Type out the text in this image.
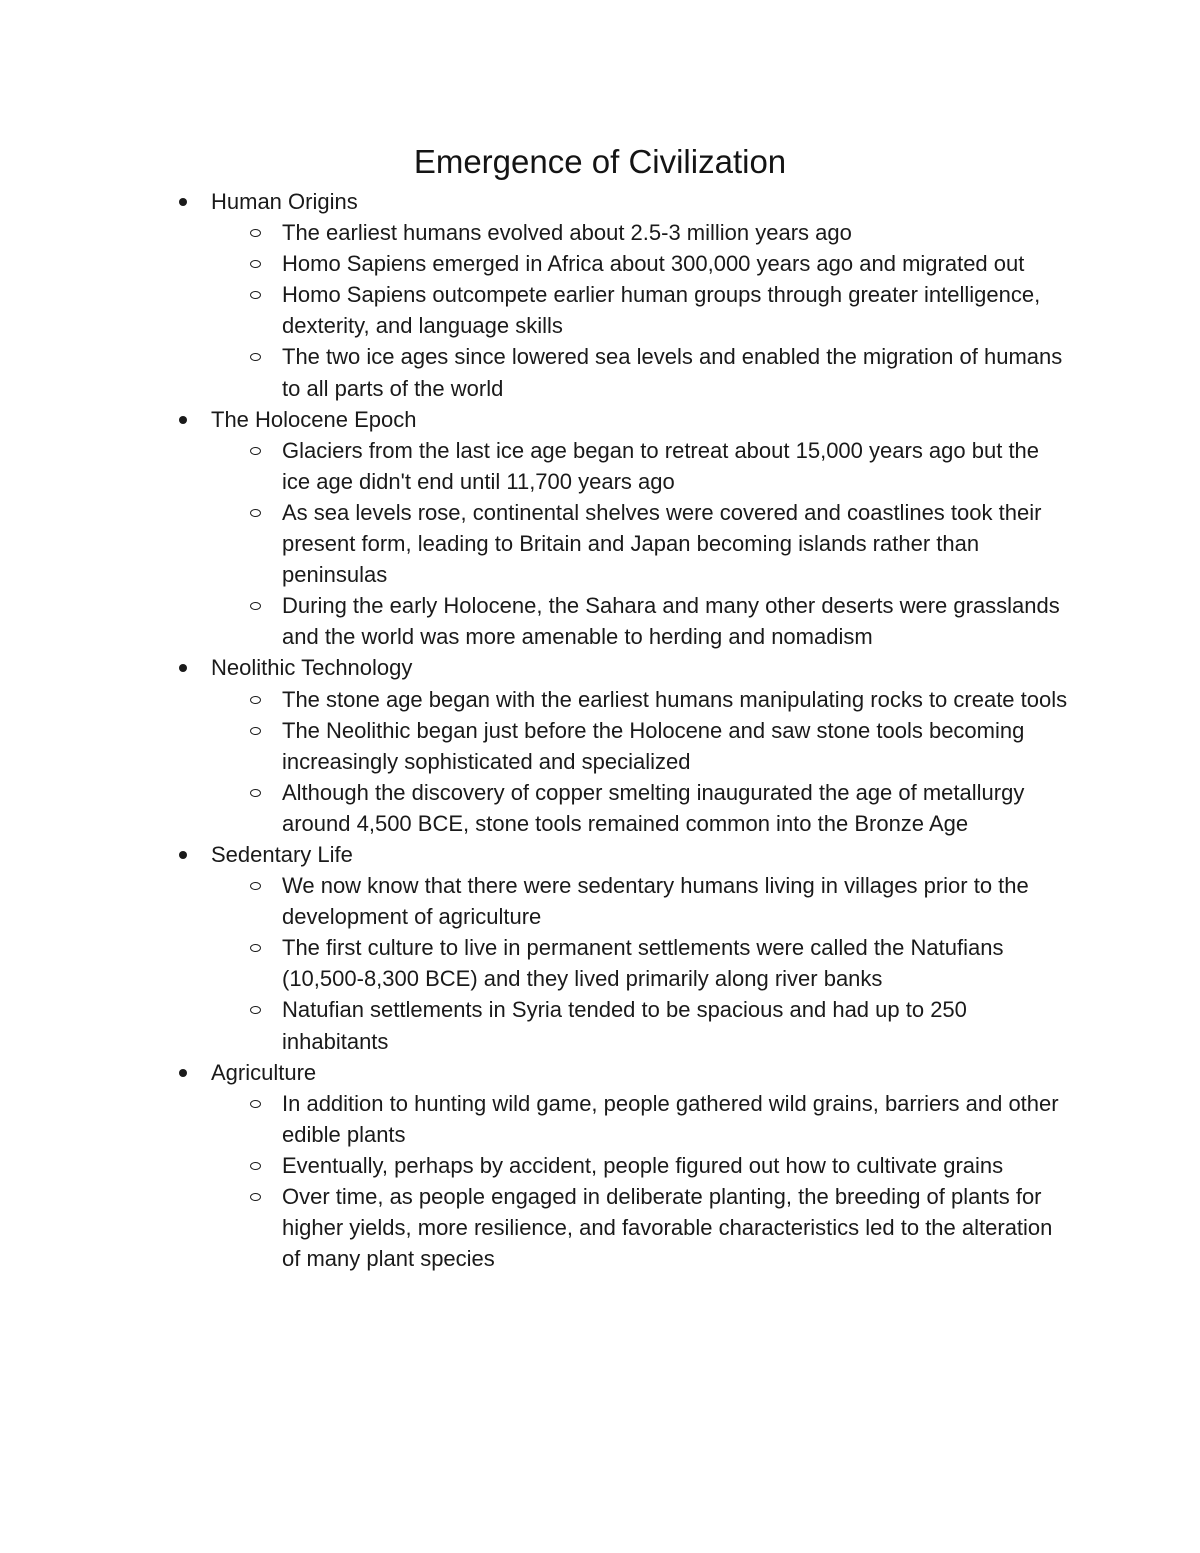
Emergence of Civilization
Human Origins
The earliest humans evolved about 2.5-3 million years ago
Homo Sapiens emerged in Africa about 300,000 years ago and migrated out
Homo Sapiens outcompete earlier human groups through greater intelligence, dexterity, and language skills
The two ice ages since lowered sea levels and enabled the migration of humans to all parts of the world
The Holocene Epoch
Glaciers from the last ice age began to retreat about 15,000 years ago but the ice age didn't end until 11,700 years ago
As sea levels rose, continental shelves were covered and coastlines took their present form, leading to Britain and Japan becoming islands rather than peninsulas
During the early Holocene, the Sahara and many other deserts were grasslands and the world was more amenable to herding and nomadism
Neolithic Technology
The stone age began with the earliest humans manipulating rocks to create tools
The Neolithic began just before the Holocene and saw stone tools becoming increasingly sophisticated and specialized
Although the discovery of copper smelting inaugurated the age of metallurgy around 4,500 BCE, stone tools remained common into the Bronze Age
Sedentary Life
We now know that there were sedentary humans living in villages prior to the development of agriculture
The first culture to live in permanent settlements were called the Natufians (10,500-8,300 BCE) and they lived primarily along river banks
Natufian settlements in Syria tended to be spacious and had up to 250 inhabitants
Agriculture
In addition to hunting wild game, people gathered wild grains, barriers and other edible plants
Eventually, perhaps by accident, people figured out how to cultivate grains
Over time, as people engaged in deliberate planting, the breeding of plants for higher yields, more resilience, and favorable characteristics led to the alteration of many plant species
